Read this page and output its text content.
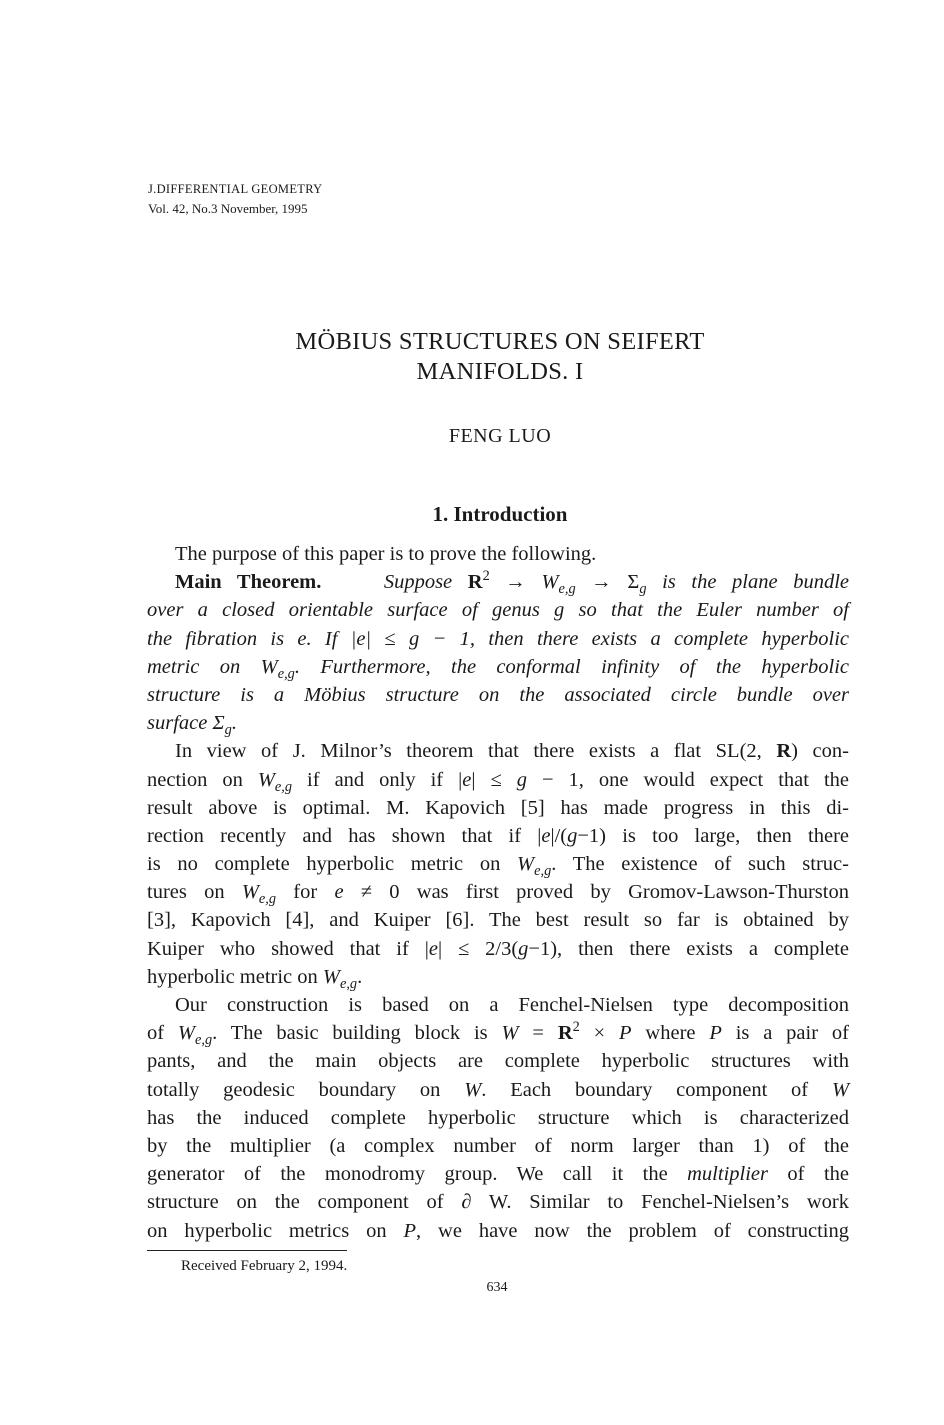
J.DIFFERENTIAL GEOMETRY
Vol. 42, No.3 November, 1995
MÖBIUS STRUCTURES ON SEIFERT
MANIFOLDS. I
FENG LUO
1. Introduction
The purpose of this paper is to prove the following.
Main Theorem.	Suppose $R^2 \to W_{e,g} \to \Sigma_g$ is the plane bundle
over a closed orientable surface of genus g so that the Euler number of
the fibration is e. If |e| ≤ g − 1, then there exists a complete hyperbolic
metric on $W_{e,g}$. Furthermore, the conformal infinity of the hyperbolic
structure is a Möbius structure on the associated circle bundle over
surface $\Sigma_g$.
In view of J. Milnor’s theorem that there exists a flat SL(2, R) con-
nection on $W_{e,g}$ if and only if |e| ≤ g − 1, one would expect that the
result above is optimal. M. Kapovich [5] has made progress in this di-
rection recently and has shown that if |e|/(g−1) is too large, then there
is no complete hyperbolic metric on $W_{e,g}$. The existence of such struc-
tures on $W_{e,g}$ for e ≠ 0 was first proved by Gromov-Lawson-Thurston
[3], Kapovich [4], and Kuiper [6]. The best result so far is obtained by
Kuiper who showed that if |e| ≤ 2/3(g−1), then there exists a complete
hyperbolic metric on $W_{e,g}$.
Our construction is based on a Fenchel-Nielsen type decomposition
of $W_{e,g}$. The basic building block is $W = R^2 \times P$ where P is a pair of
pants, and the main objects are complete hyperbolic structures with
totally geodesic boundary on W. Each boundary component of W
has the induced complete hyperbolic structure which is characterized
by the multiplier (a complex number of norm larger than 1) of the
generator of the monodromy group. We call it the multiplier of the
structure on the component of ∂ W. Similar to Fenchel-Nielsen’s work
on hyperbolic metrics on P, we have now the problem of constructing
Received February 2, 1994.
634
